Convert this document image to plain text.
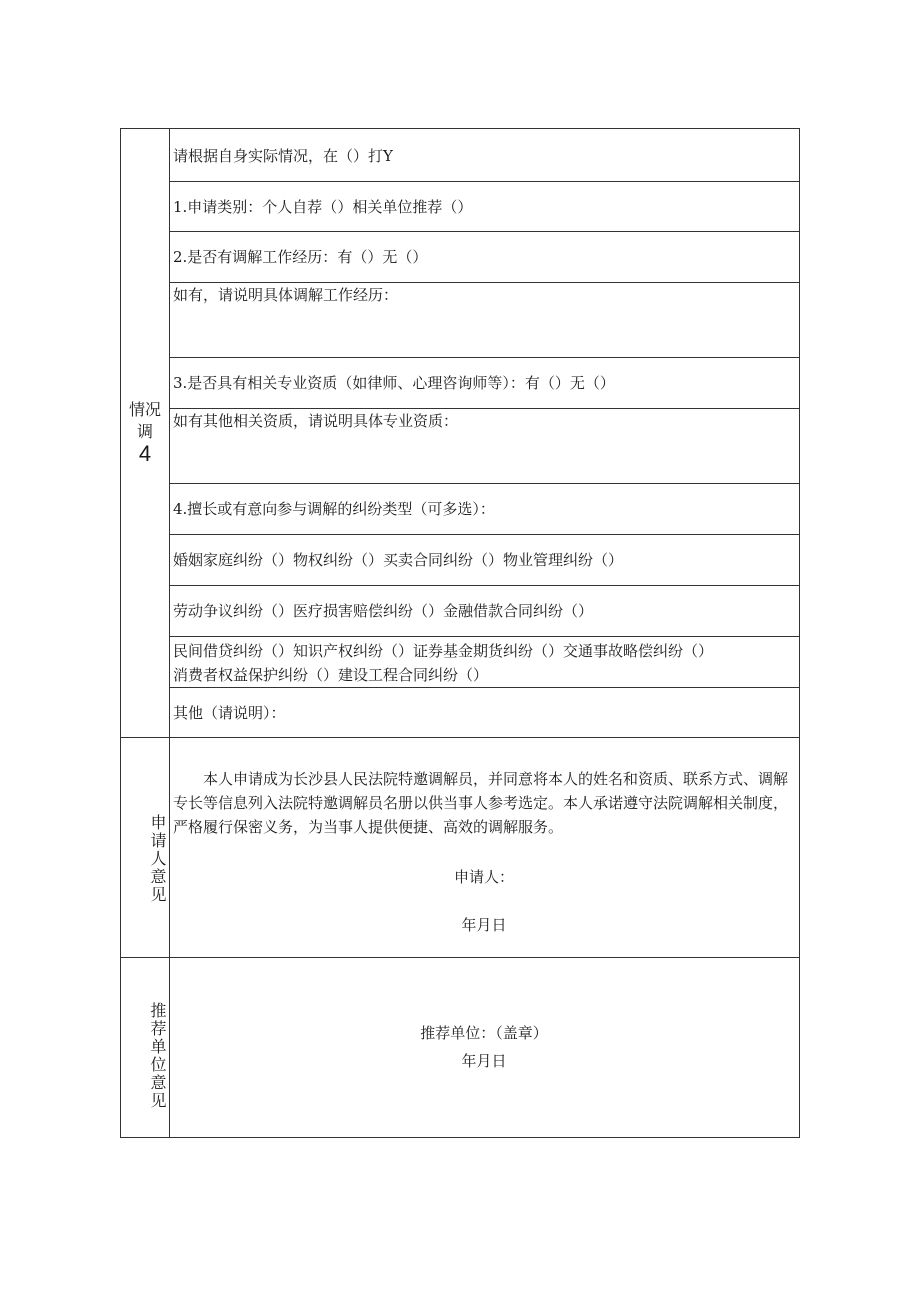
情况
调
4
请根据自身实际情况，在（）打Y
1.申请类别：个人自荐（）相关单位推荐（）
2.是否有调解工作经历：有（）无（）
如有，请说明具体调解工作经历：
3.是否具有相关专业资质（如律师、心理咨询师等）：有（）无（）
如有其他相关资质，请说明具体专业资质：
4.擅长或有意向参与调解的纠纷类型（可多选）：
婚姻家庭纠纷（）物权纠纷（）买卖合同纠纷（）物业管理纠纷（）
劳动争议纠纷（）医疗损害赔偿纠纷（）金融借款合同纠纷（）
民间借贷纠纷（）知识产权纠纷（）证券基金期货纠纷（）交通事故略偿纠纷（）
消费者权益保护纠纷（）建设工程合同纠纷（）
其他（请说明）：
申请人意见
本人申请成为长沙县人民法院特邀调解员，并同意将本人的姓名和资质、联系方式、调解专长等信息列入法院特邀调解员名册以供当事人参考选定。本人承诺遵守法院调解相关制度，严格履行保密义务，为当事人提供便捷、高效的调解服务。
申请人：
年月日
推荐单位意见	推荐单位：（盖章）
年月日
